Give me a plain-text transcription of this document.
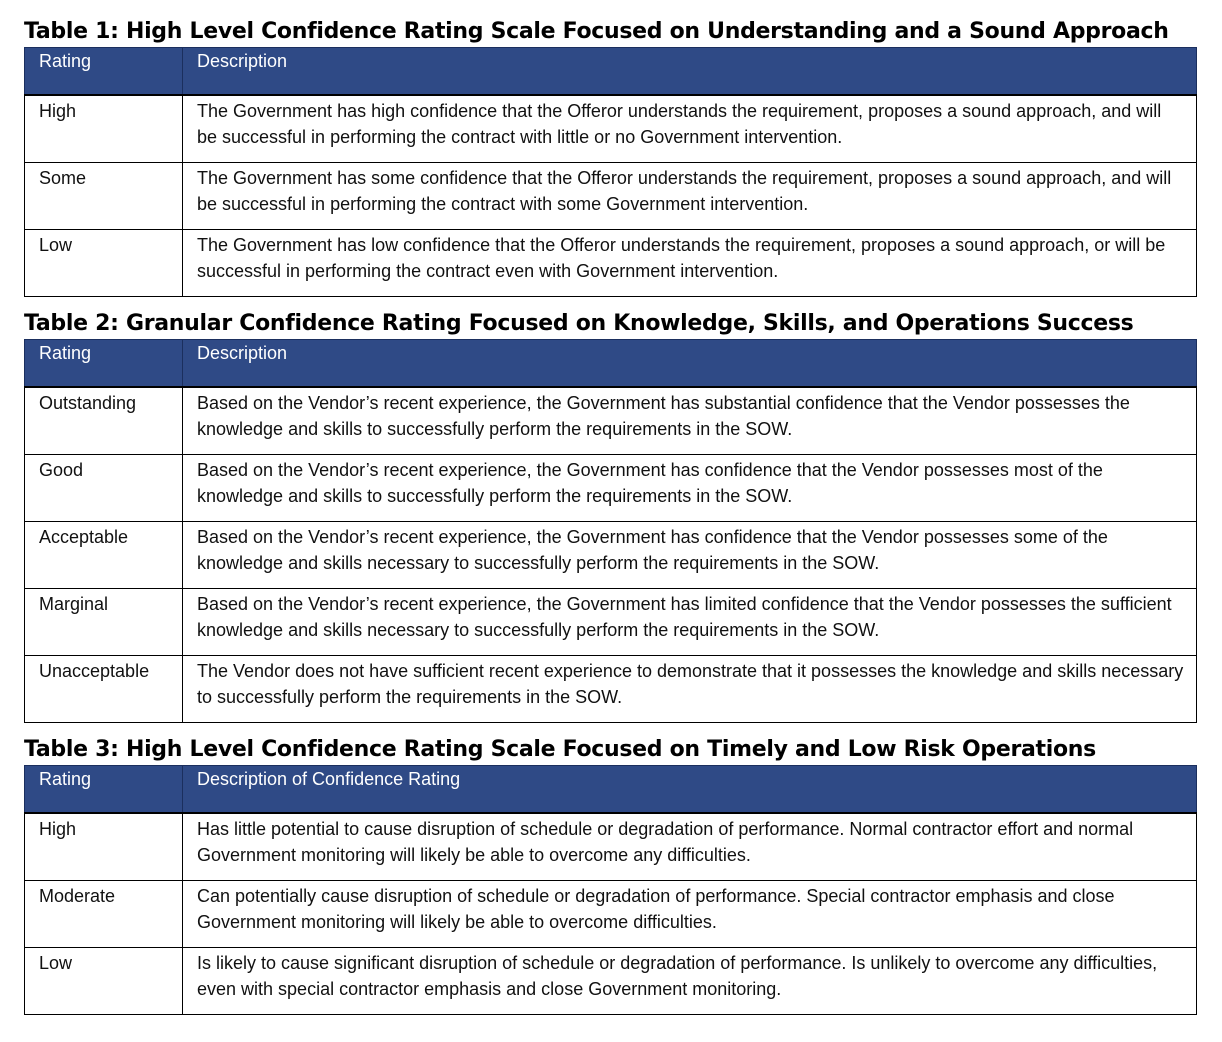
Table 1: High Level Confidence Rating Scale Focused on Understanding and a Sound Approach
Rating	Description
High	The Government has high confidence that the Offeror understands the requirement, proposes a sound approach, and will be successful in performing the contract with little or no Government intervention.
Some	The Government has some confidence that the Offeror understands the requirement, proposes a sound approach, and will be successful in performing the contract with some Government intervention.
Low	The Government has low confidence that the Offeror understands the requirement, proposes a sound approach, or will be successful in performing the contract even with Government intervention.
Table 2: Granular Confidence Rating Focused on Knowledge, Skills, and Operations Success
Rating	Description
Outstanding	Based on the Vendor’s recent experience, the Government has substantial confidence that the Vendor possesses the knowledge and skills to successfully perform the requirements in the SOW.
Good	Based on the Vendor’s recent experience, the Government has confidence that the Vendor possesses most of the knowledge and skills to successfully perform the requirements in the SOW.
Acceptable	Based on the Vendor’s recent experience, the Government has confidence that the Vendor possesses some of the knowledge and skills necessary to successfully perform the requirements in the SOW.
Marginal	Based on the Vendor’s recent experience, the Government has limited confidence that the Vendor possesses the sufficient knowledge and skills necessary to successfully perform the requirements in the SOW.
Unacceptable	The Vendor does not have sufficient recent experience to demonstrate that it possesses the knowledge and skills necessary to successfully perform the requirements in the SOW.
Table 3: High Level Confidence Rating Scale Focused on Timely and Low Risk Operations
Rating	Description of Confidence Rating
High	Has little potential to cause disruption of schedule or degradation of performance. Normal contractor effort and normal Government monitoring will likely be able to overcome any difficulties.
Moderate	Can potentially cause disruption of schedule or degradation of performance. Special contractor emphasis and close Government monitoring will likely be able to overcome difficulties.
Low	Is likely to cause significant disruption of schedule or degradation of performance. Is unlikely to overcome any difficulties, even with special contractor emphasis and close Government monitoring.
